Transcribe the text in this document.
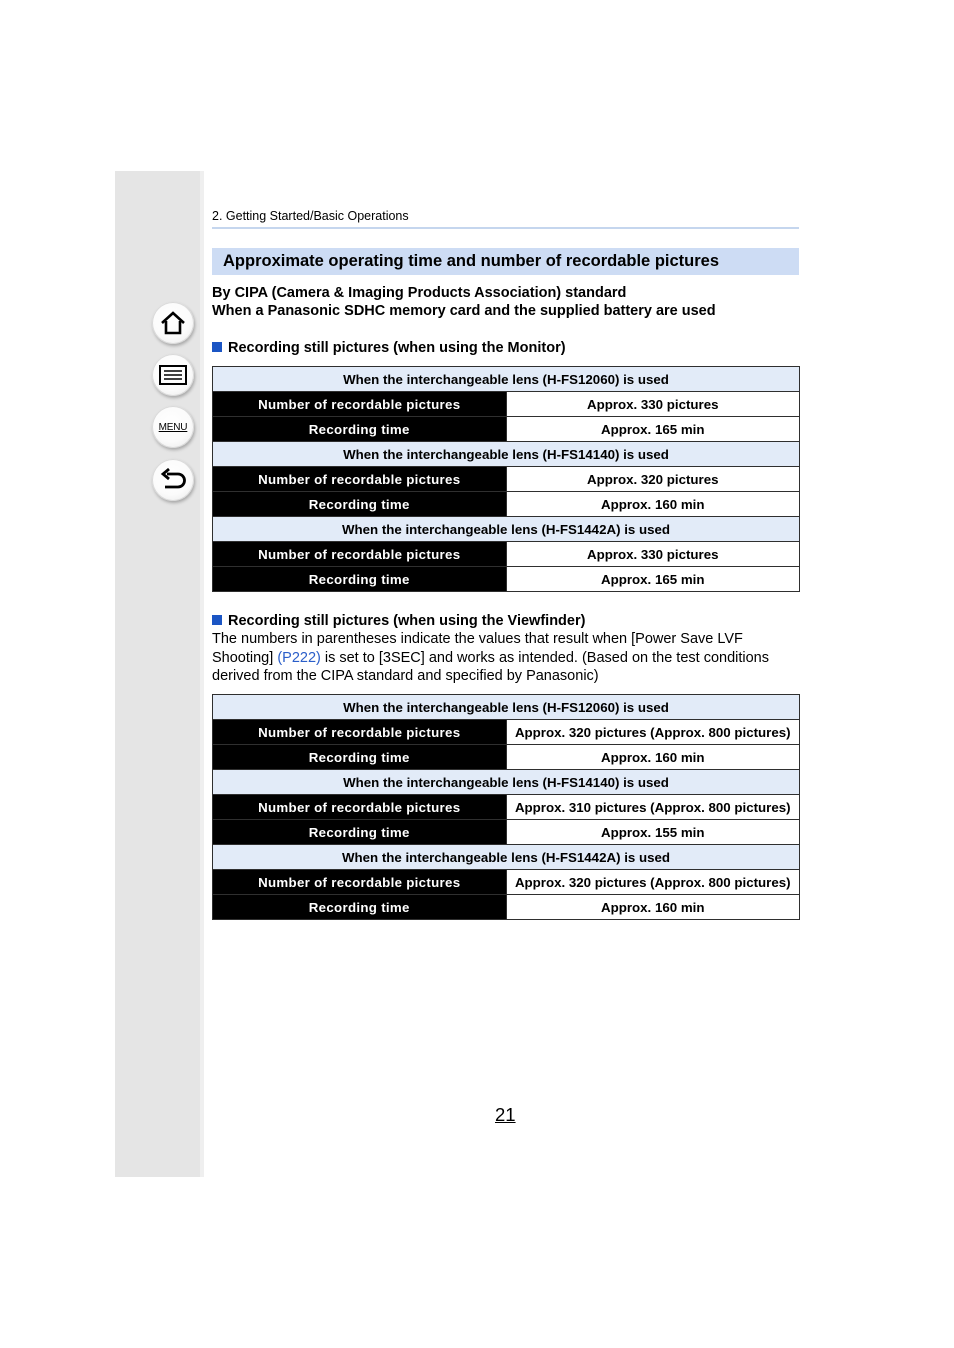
MENU
2. Getting Started/Basic Operations
Approximate operating time and number of recordable pictures
By CIPA (Camera & Imaging Products Association) standard
When a Panasonic SDHC memory card and the supplied battery are used
Recording still pictures (when using the Monitor)
When the interchangeable lens (H-FS12060) is used	
Number of recordable pictures	Approx. 330 pictures
Recording time	Approx. 165 min
When the interchangeable lens (H-FS14140) is used	
Number of recordable pictures	Approx. 320 pictures
Recording time	Approx. 160 min
When the interchangeable lens (H-FS1442A) is used	
Number of recordable pictures	Approx. 330 pictures
Recording time	Approx. 165 min
Recording still pictures (when using the Viewfinder)
The numbers in parentheses indicate the values that result when [Power Save LVF Shooting] (P222) is set to [3SEC] and works as intended. (Based on the test conditions derived from the CIPA standard and specified by Panasonic)
When the interchangeable lens (H-FS12060) is used	
Number of recordable pictures	Approx. 320 pictures (Approx. 800 pictures)
Recording time	Approx. 160 min
When the interchangeable lens (H-FS14140) is used	
Number of recordable pictures	Approx. 310 pictures (Approx. 800 pictures)
Recording time	Approx. 155 min
When the interchangeable lens (H-FS1442A) is used	
Number of recordable pictures	Approx. 320 pictures (Approx. 800 pictures)
Recording time	Approx. 160 min
21
